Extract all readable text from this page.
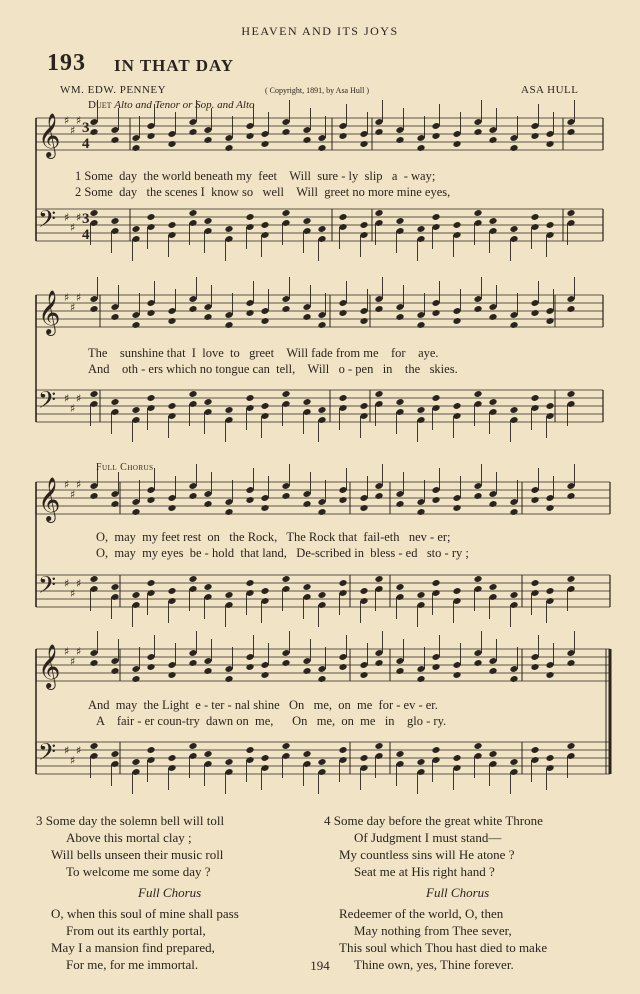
HEAVEN AND ITS JOYS
193 IN THAT DAY
WM. EDW. PENNEY	( Copyright, 1891, by Asa Hull )	ASA HULL
Duet Alto and Tenor or Sop. and Alto
Full Chorus
𝄞 ♯
♯
♯
𝄢 ♯
♯
♯
𝄞 ♯
♯
♯
𝄢 ♯
♯
♯
𝄞 ♯
♯
♯
𝄢 ♯
♯
♯
𝄞 ♯
♯
♯
𝄢 ♯
♯
♯
3
4
3
4
1 Some  day  the world beneath my  feet    Will  sure - ly  slip   a  - way;
2 Some  day   the scenes I  know so   well    Will  greet no more mine eyes,
The    sunshine that  I  love  to   greet    Will fade from me    for    aye.
And    oth - ers which no tongue can  tell,    Will   o - pen   in    the   skies.
O,  may  my feet rest  on   the Rock,   The Rock that  fail-eth   nev - er;
O,  may  my eyes  be - hold  that land,   De-scribed in  bless - ed   sto - ry ;
And  may  the Light  e - ter - nal shine   On   me,  on  me  for - ev - er.
A    fair - er coun-try  dawn on  me,      On   me,  on  me   in    glo - ry.
3 Some day the solemn bell will toll
Above this mortal clay ;
Will bells unseen their music roll
To welcome me some day ?
Full Chorus
O, when this soul of mine shall pass
From out its earthly portal,
May I a mansion find prepared,
For me, for me immortal.
4 Some day before the great white Throne
Of Judgment I must stand—
My countless sins will He atone ?
Seat me at His right hand ?
Full Chorus
Redeemer of the world, O, then
May nothing from Thee sever,
This soul which Thou hast died to make
Thine own, yes, Thine forever.
194
